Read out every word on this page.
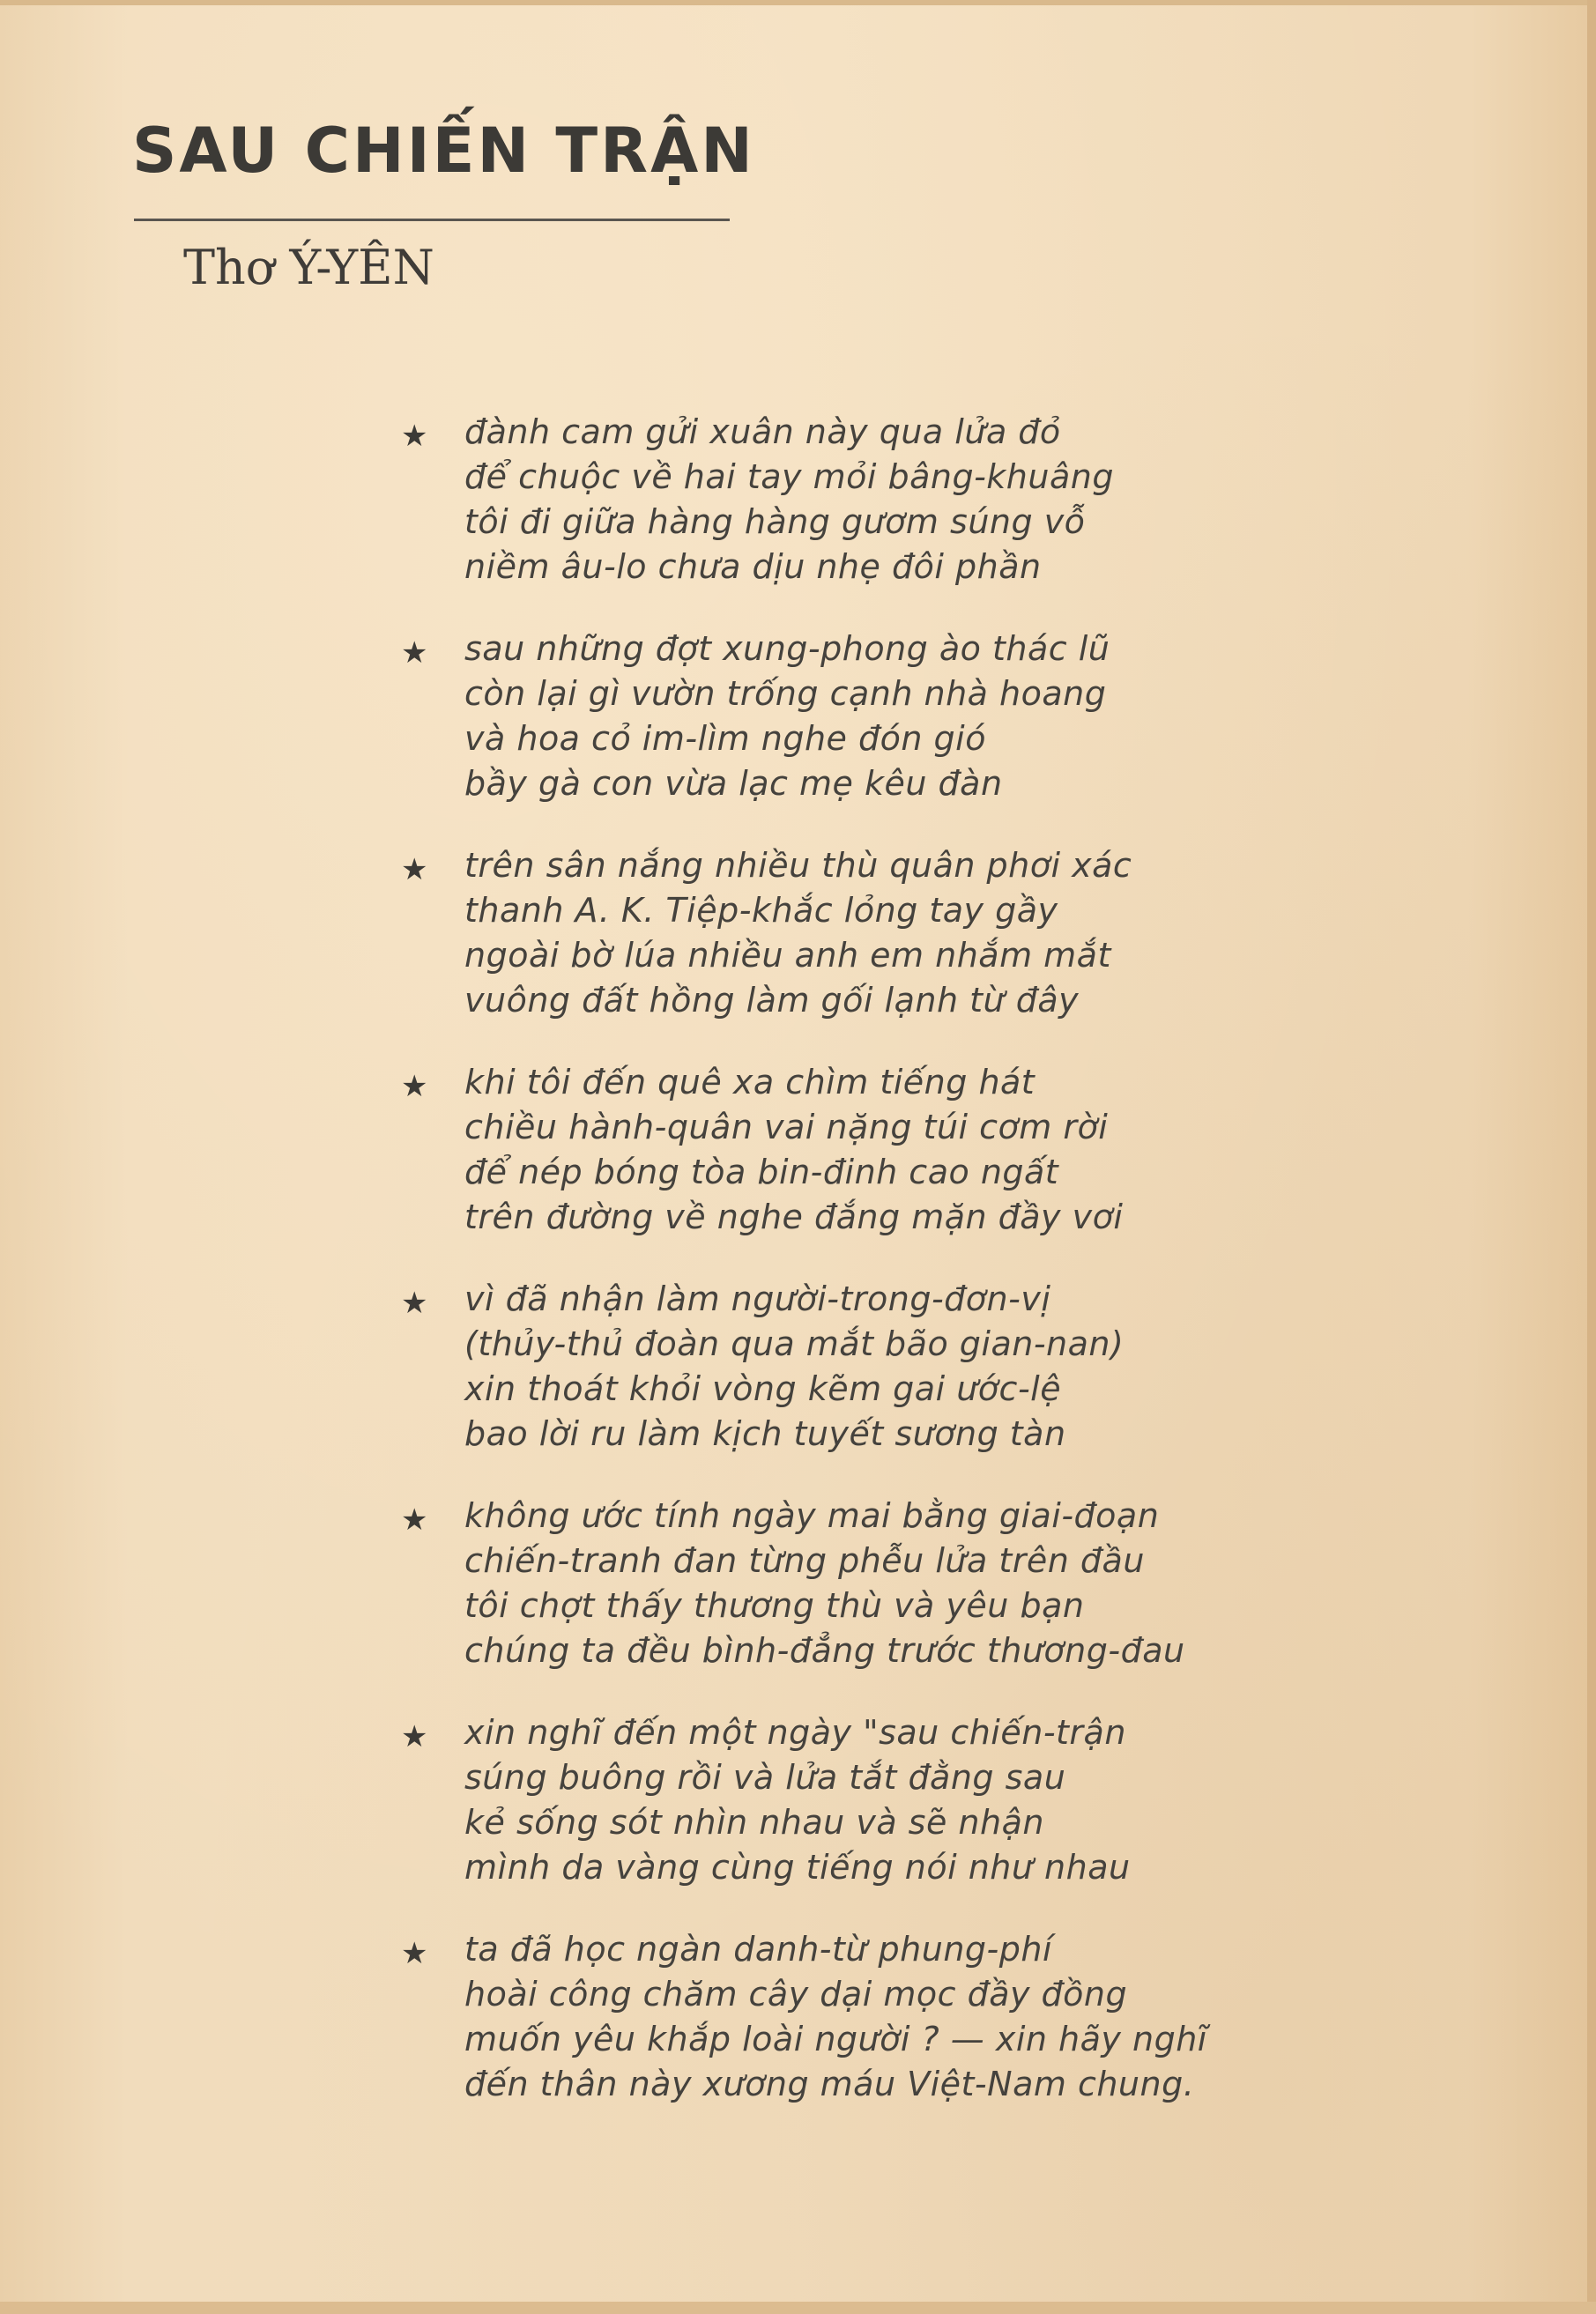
SAU CHIẾN TRẬN

Thơ Ý-YÊN

★ đành cam gửi xuân này qua lửa đỏ
để chuộc về hai tay mỏi bâng-khuâng
tôi đi giữa hàng hàng gươm súng vỗ
niềm âu-lo chưa dịu nhẹ đôi phần
★ sau những đợt xung-phong ào thác lũ
còn lại gì vườn trống cạnh nhà hoang
và hoa cỏ im-lìm nghe đón gió
bầy gà con vừa lạc mẹ kêu đàn
★ trên sân nắng nhiều thù quân phơi xác
thanh A. K. Tiệp-khắc lỏng tay gầy
ngoài bờ lúa nhiều anh em nhắm mắt
vuông đất hồng làm gối lạnh từ đây
★ khi tôi đến quê xa chìm tiếng hát
chiều hành-quân vai nặng túi cơm rời
để nép bóng tòa bin-đinh cao ngất
trên đường về nghe đắng mặn đầy vơi
★ vì đã nhận làm người-trong-đơn-vị
(thủy-thủ đoàn qua mắt bão gian-nan)
xin thoát khỏi vòng kẽm gai ước-lệ
bao lời ru làm kịch tuyết sương tàn
★ không ước tính ngày mai bằng giai-đoạn
chiến-tranh đan từng phễu lửa trên đầu
tôi chợt thấy thương thù và yêu bạn
chúng ta đều bình-đẳng trước thương-đau
★ xin nghĩ đến một ngày "sau chiến-trận
súng buông rồi và lửa tắt đằng sau
kẻ sống sót nhìn nhau và sẽ nhận
mình da vàng cùng tiếng nói như nhau
★ ta đã học ngàn danh-từ phung-phí
hoài công chăm cây dại mọc đầy đồng
muốn yêu khắp loài người ? — xin hãy nghĩ
đến thân này xương máu Việt-Nam chung.
